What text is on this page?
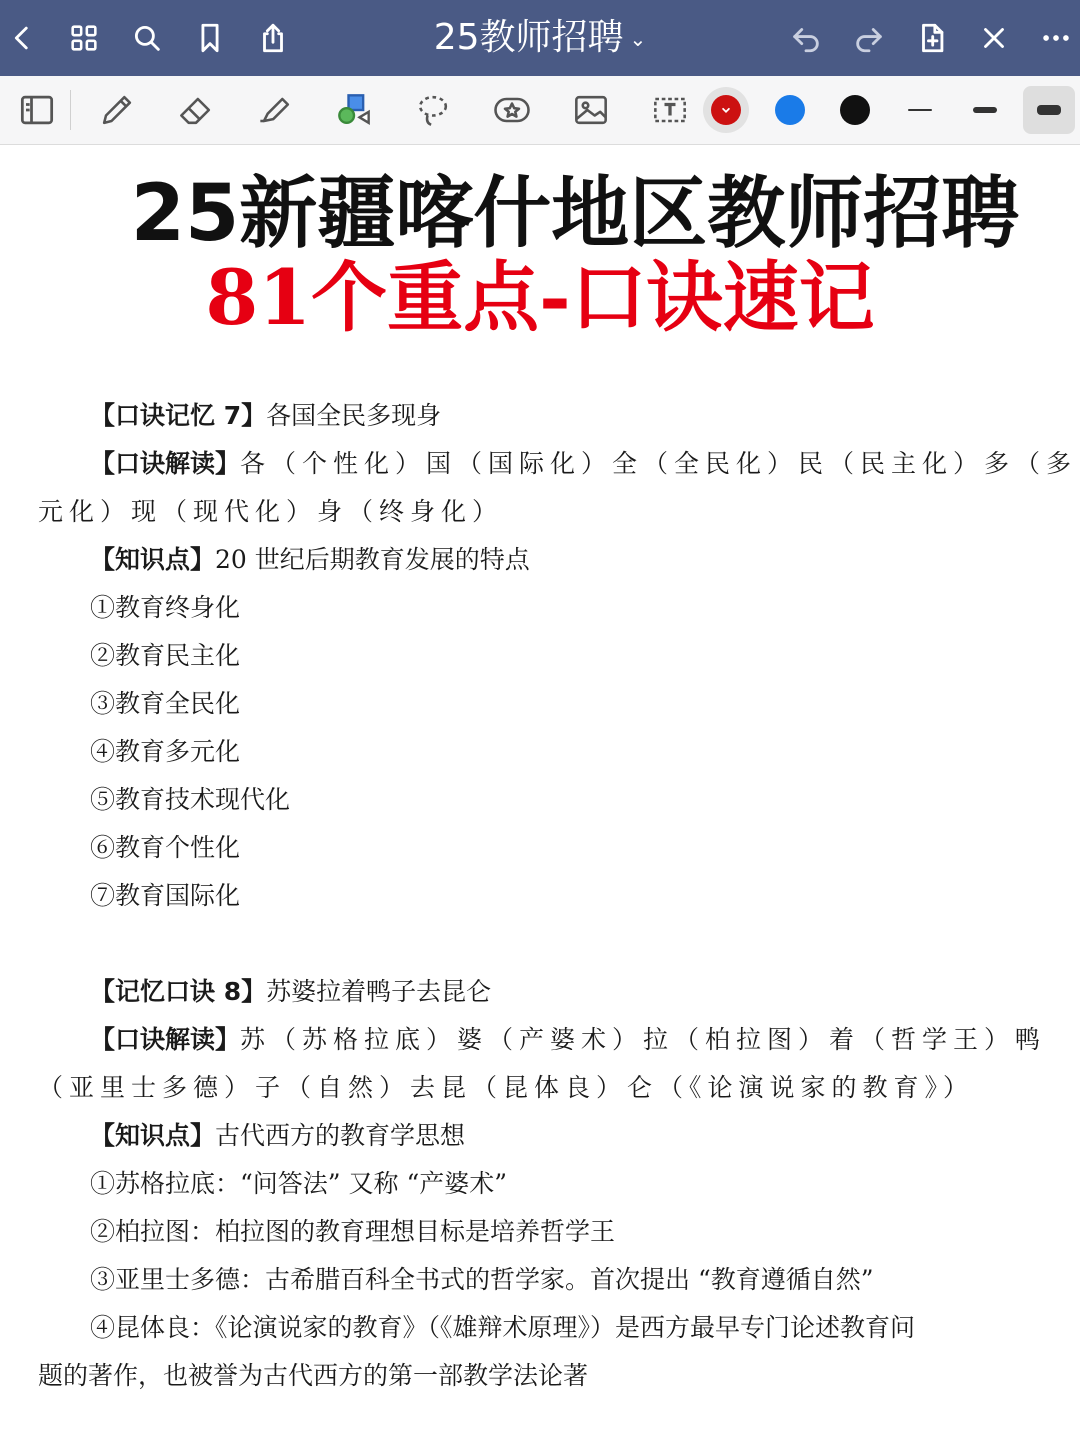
25教师招聘 ⌄
25新疆喀什地区教师招聘
81个重点-口诀速记
【口诀记忆 7】各国全民多现身
【口诀解读】各（个性化）国（国际化）全（全民化）民（民主化）多（多
元化）现（现代化）身（终身化）
【知识点】20 世纪后期教育发展的特点
①教育终身化
②教育民主化
③教育全民化
④教育多元化
⑤教育技术现代化
⑥教育个性化
⑦教育国际化
【记忆口诀 8】苏婆拉着鸭子去昆仑
【口诀解读】苏（苏格拉底）婆（产婆术）拉（柏拉图）着（哲学王）鸭
（亚里士多德）子（自然）去昆（昆体良）仑（《论演说家的教育》）
【知识点】古代西方的教育学思想
①苏格拉底：“问答法” 又称 “产婆术”
②柏拉图：柏拉图的教育理想目标是培养哲学王
③亚里士多德：古希腊百科全书式的哲学家。首次提出 “教育遵循自然”
④昆体良：《论演说家的教育》（《雄辩术原理》）是西方最早专门论述教育问
题的著作，也被誉为古代西方的第一部教学法论著
